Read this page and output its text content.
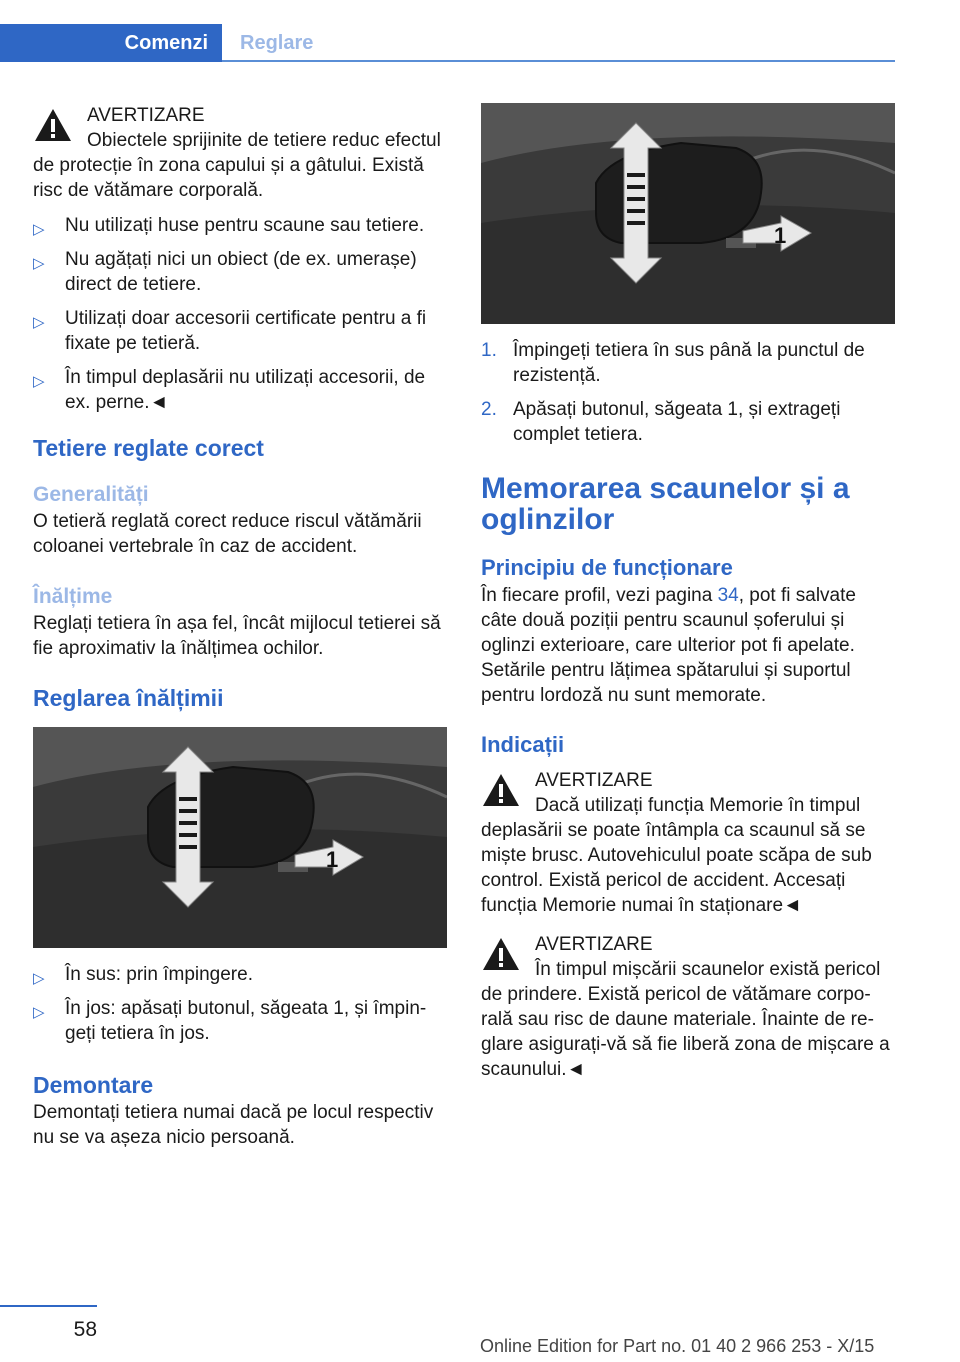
Comenzi	Reglare
AVERTIZARE
Obiectele sprijinite de tetiere reduc efectul de protecție în zona capului și a gâtului. Există risc de vătămare corporală.
▷ Nu utilizați huse pentru scaune sau tetiere.
▷ Nu agățați nici un obiect (de ex. umerașe) direct de tetiere.
▷ Utilizați doar accesorii certificate pentru a fi fixate pe tetieră.
▷ În timpul deplasării nu utilizați accesorii, de ex. perne.◄
Tetiere reglate corect
Generalități

O tetieră reglată corect reduce riscul vătămării coloanei vertebrale în caz de accident.

Înălțime

Reglați tetiera în așa fel, încât mijlocul tetierei să fie aproximativ la înălțimea ochilor.

Reglarea înălțimii
1
▷ În sus: prin împingere.
▷ În jos: apăsați butonul, săgeata 1, și împingeți tetiera în jos.
Demontare

Demontați tetiera numai dacă pe locul respectiv nu se va așeza nicio persoană.

1
1. Împingeți tetiera în sus până la punctul de rezistență.
2. Apăsați butonul, săgeata 1, și extrageți complet tetiera.
Memorarea scaunelor și a oglinzilor
Principiu de funcționare

În fiecare profil, vezi pagina 34, pot fi salvate câte două poziții pentru scaunul șoferului și oglinzi exterioare, care ulterior pot fi apelate. Setările pentru lățimea spătarului și suportul pentru lordoză nu sunt memorate.

Indicații
AVERTIZARE
Dacă utilizați funcția Memorie în timpul deplasării se poate întâmpla ca scaunul să se miște brusc. Autovehiculul poate scăpa de sub control. Există pericol de accident. Accesați funcția Memorie numai în staționare◄
AVERTIZARE
În timpul mișcării scaunelor există pericol de prindere. Există pericol de vătămare corporală sau risc de daune materiale. Înainte de reglare asigurați-vă să fie liberă zona de mișcare a scaunului.◄
58
Online Edition for Part no. 01 40 2 966 253 - X/15
